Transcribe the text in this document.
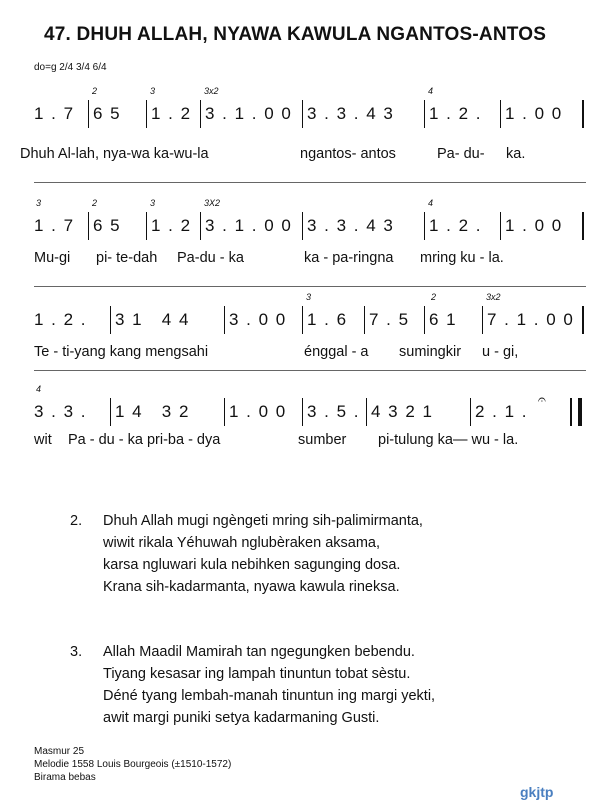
47. DHUH ALLAH, NYAWA KAWULA NGANTOS-ANTOS
do=g 2/4 3/4 6/4
2	3	3x2	4
1 . 7 6 5 1 . 2 3 . 1 . 0 0 3 . 3 . 4 3 1 . 2 . 1 . 0 0
Dhuh Al-lah, nya-wa ka-wu-la	ngantos- antos	Pa- du- ka.
3	2	3	3X2	4
1 . 7 6 5 1 . 2 3 . 1 . 0 0 3 . 3 . 4 3 1 . 2 . 1 . 0 0
Mu-gi pi- te-dah Pa-du - ka	ka - pa-ringna mring ku - la.
3	2	3x2
1 . 2 . 3 1   4 4 3 . 0 0 1 . 6 7 . 5 6 1 7 . 1 . 0 0
Te - ti-yang kang mengsahi	énggal - a sumingkir u - gi,
4
3 . 3 . 1 4   3 2 1 . 0 0 3 . 5 . 4 3 2 1 2 . 1 .
𝄐
wit Pa - du - ka pri-ba - dya	sumber pi-tulung ka— wu - la.
2. Dhuh Allah mugi ngèngeti mring sih-palimirmanta,
wiwit rikala Yéhuwah nglubèraken aksama,
karsa ngluwari kula nebihken sagunging dosa.
Krana sih-kadarmanta, nyawa kawula rineksa.
3. Allah Maadil Mamirah tan ngegungken bebendu.
Tiyang kesasar ing lampah tinuntun tobat sèstu.
Déné tyang lembah-manah tinuntun ing margi yekti,
awit margi puniki setya kadarmaning Gusti.
Masmur 25
Melodie 1558 Louis Bourgeois (±1510-1572)
Birama bebas
gkjtp
